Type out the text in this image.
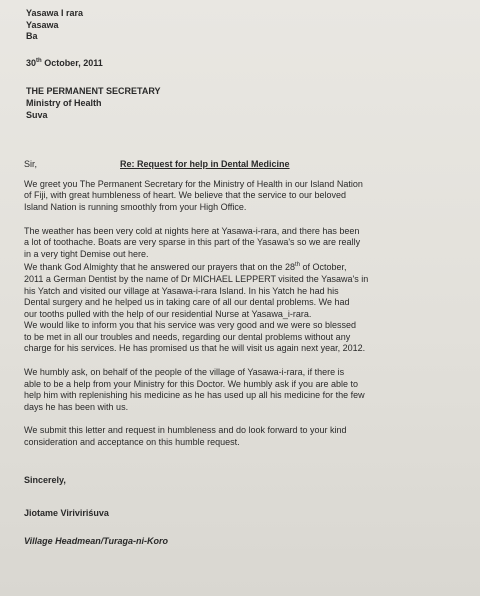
Yasawa I rara
Yasawa
Ba
30th October, 2011
THE PERMANENT SECRETARY
Ministry of Health
Suva
Sir,	Re: Request for help in Dental Medicine

We greet you The Permanent Secretary for the Ministry of Health in our Island Nation

of Fiji, with great humbleness of heart. We believe that the service to our beloved

Island Nation is running smoothly from your High Office.

The weather has been very cold at nights here at Yasawa-i-rara, and there has been

a lot of toothache. Boats are very sparse in this part of the Yasawa's so we are really

in a very tight Demise out here.

We thank God Almighty that he answered our prayers that on the 28th of October,

2011 a German Dentist by the name of Dr MICHAEL LEPPERT visited the Yasawa's in

his Yatch and visited our village at Yasawa-i-rara Island. In his Yatch he had his

Dental surgery and he helped us in taking care of all our dental problems. We had

our tooths pulled with the help of our residential Nurse at Yasawa_i-rara.

We would like to inform you that his service was very good and we were so blessed

to be met in all our troubles and needs, regarding our dental problems without any

charge for his services. He has promised us that he will visit us again next year, 2012.

We humbly ask, on behalf of the people of the village of Yasawa-i-rara, if there is

able to be a help from your Ministry for this Doctor. We humbly ask if you are able to

help him with replenishing his medicine as he has used up all his medicine for the few

days he has been with us.

We submit this letter and request in humbleness and do look forward to your kind

consideration and acceptance on this humble request.

Sincerely,
Jiotame Viriviriśuva
Village Headmean/Turaga-ni-Koro
